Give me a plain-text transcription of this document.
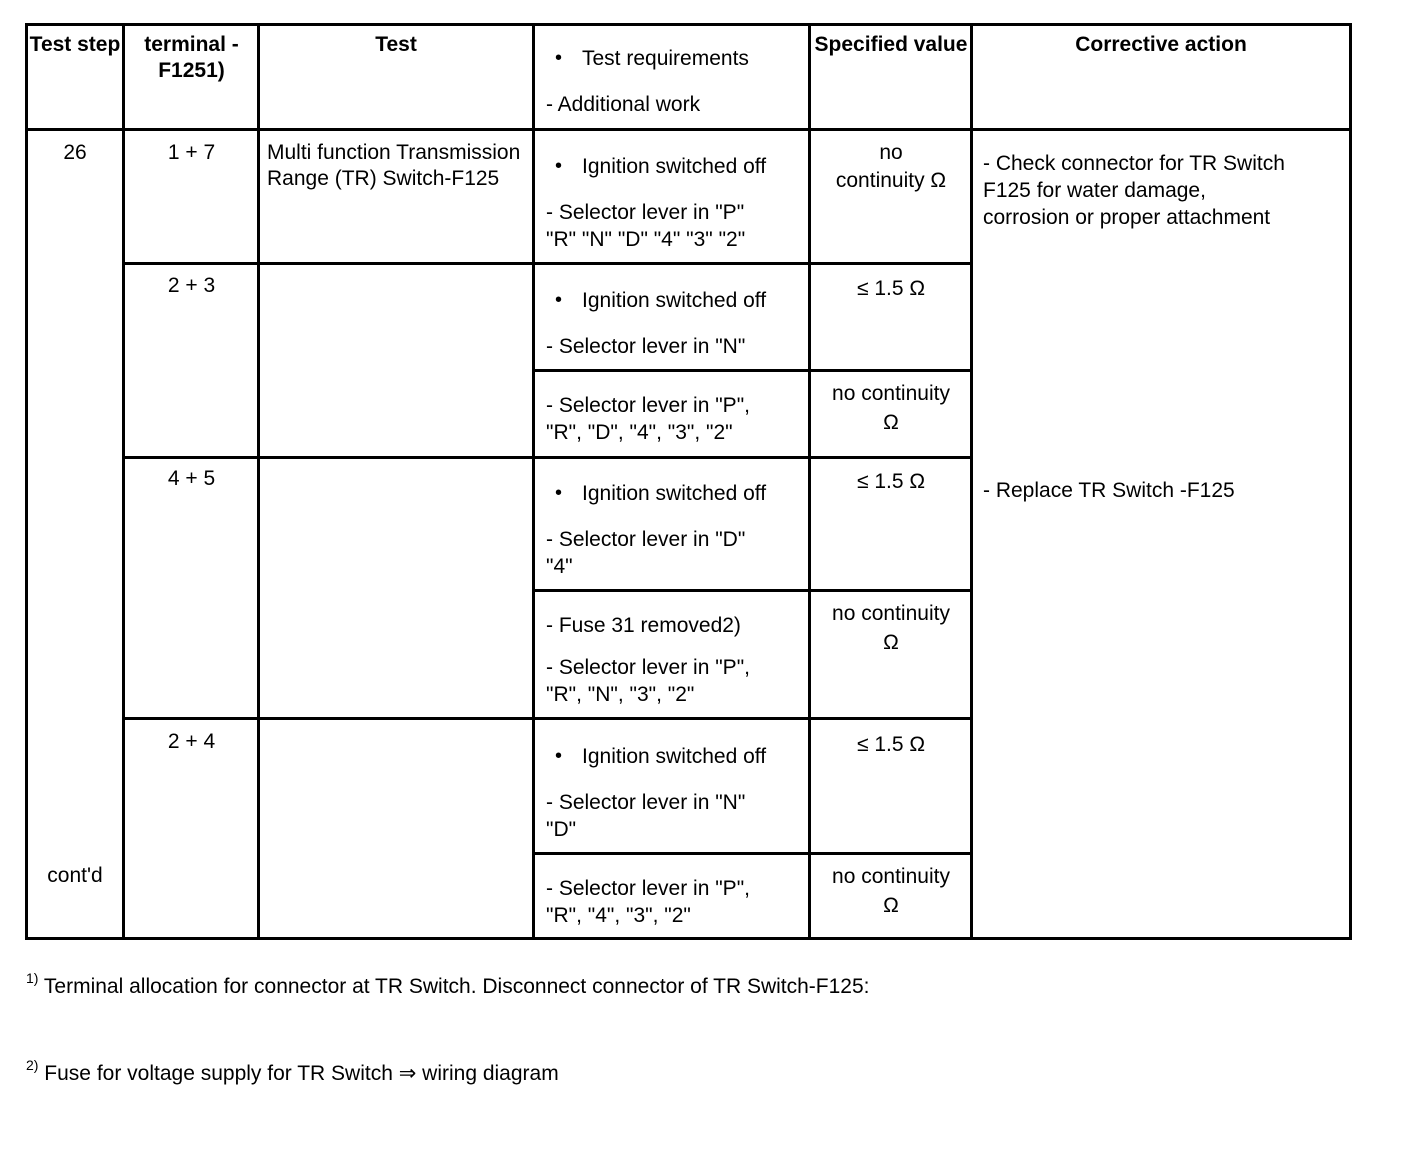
Test step	terminal - F1251)
Test
• Test requirements
- Additional work
Specified value	Corrective action
26
cont'd
Multi function Transmission Range (TR) Switch-F125
1 + 7
• Ignition switched off
- Selector lever in "P"
"R" "N" "D" "4" "3" "2"
no
continuity Ω
2 + 3
• Ignition switched off
- Selector lever in "N"
≤ 1.5 Ω
- Selector lever in "P",
"R", "D", "4", "3", "2"
no continuity
Ω
4 + 5
• Ignition switched off
- Selector lever in "D"
"4"
≤ 1.5 Ω
- Fuse 31 removed2)
- Selector lever in "P",
"R", "N", "3", "2"
no continuity
Ω
2 + 4
• Ignition switched off
- Selector lever in "N"
"D"
≤ 1.5 Ω
- Selector lever in "P",
"R", "4", "3", "2"
no continuity
Ω
- Check connector for TR Switch
F125 for water damage,
corrosion or proper attachment
- Replace TR Switch -F125
$^{1)}$ Terminal allocation for connector at TR Switch. Disconnect connector of TR Switch-F125:
$^{2)}$ Fuse for voltage supply for TR Switch ⇒ wiring diagram
